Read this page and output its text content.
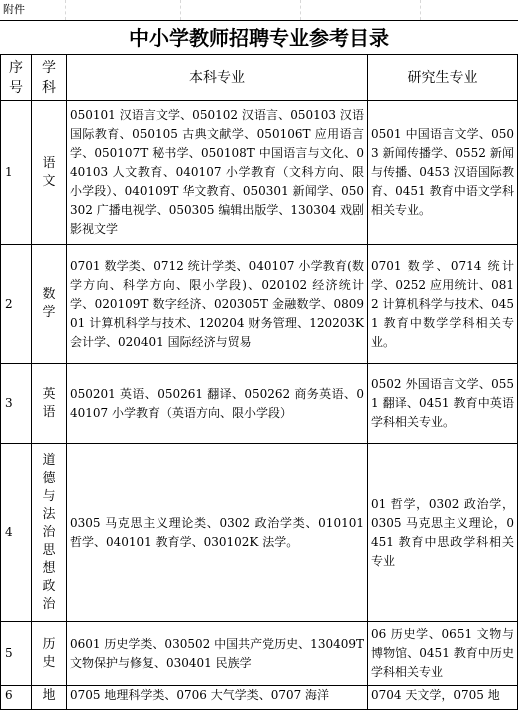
附件
中小学教师招聘专业参考目录
序号	学科	本科专业	研究生专业
1	语文	050101 汉语言文学、050102 汉语言、050103 汉语国际教育、050105 古典文献学、050106T 应用语言学、050107T 秘书学、050108T 中国语言与文化、040103 人文教育、040107 小学教育（文科方向、限小学段）、040109T 华文教育、050301 新闻学、050302 广播电视学、050305 编辑出版学、130304 戏剧影视文学	0501 中国语言文学、0503 新闻传播学、0552 新闻与传播、0453 汉语国际教育、0451 教育中语文学科相关专业。
2	数学	0701 数学类、0712 统计学类、040107 小学教育(数学方向、科学方向、限小学段)、020102 经济统计学、020109T 数字经济、020305T 金融数学、080901 计算机科学与技术、120204 财务管理、120203K 会计学、020401 国际经济与贸易	0701 数学、0714 统计学、0252 应用统计、0812 计算机科学与技术、0451 教育中数学学科相关专业。
3	英语	050201 英语、050261 翻译、050262 商务英语、040107 小学教育（英语方向、限小学段）	0502 外国语言文学、0551 翻译、0451 教育中英语学科相关专业。
4	道德与法治思想政治	0305 马克思主义理论类、0302 政治学类、010101 哲学、040101 教育学、030102K 法学。	01 哲学，0302 政治学，0305 马克思主义理论，0451 教育中思政学科相关专业
5	历史	0601 历史学类、030502 中国共产党历史、130409T 文物保护与修复、030401 民族学	06 历史学、0651 文物与博物馆、0451 教育中历史学科相关专业
6	地	0705 地理科学类、0706 大气学类、0707 海洋	0704 天文学，0705 地
